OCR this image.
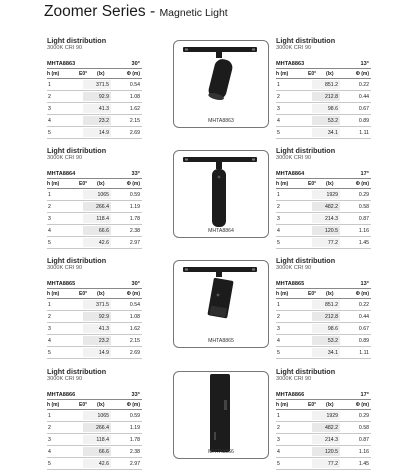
Zoomer Series - Magnetic Light
Light distribution
3000K CRI 90
MHTA8863	30°
h (m)	E0° (lx)	Φ (m)
1	371.5	0.54
2	92.9	1.08
3	41.3	1.62
4	23.2	2.15
5	14.9	2.69
MHTA8863
Light distribution
3000K CRI 90
MHTA8863	13°
h (m)	E0° (lx)	Φ (m)
1	851.2	0.22
2	212.8	0.44
3	98.6	0.67
4	53.2	0.89
5	34.1	1.11
Light distribution
3000K CRI 90
MHTA8864	33°
h (m)	E0° (lx)	Φ (m)
1	1065	0.59
2	266.4	1.19
3	118.4	1.78
4	66.6	2.38
5	42.6	2.97
MHTA8864
Light distribution
3000K CRI 90
MHTA8864	17°
h (m)	E0° (lx)	Φ (m)
1	1929	0.29
2	482.2	0.58
3	214.3	0.87
4	120.5	1.16
5	77.2	1.45
Light distribution
3000K CRI 90
MHTA8865	30°
h (m)	E0° (lx)	Φ (m)
1	371.5	0.54
2	92.9	1.08
3	41.3	1.62
4	23.2	2.15
5	14.9	2.69
MHTA8865
Light distribution
3000K CRI 90
MHTA8865	13°
h (m)	E0° (lx)	Φ (m)
1	851.2	0.22
2	212.8	0.44
3	98.6	0.67
4	53.2	0.89
5	34.1	1.11
Light distribution
3000K CRI 90
MHTA8866	33°
h (m)	E0° (lx)	Φ (m)
1	1065	0.59
2	266.4	1.19
3	118.4	1.78
4	66.6	2.38
5	42.6	2.97
MHTA8866
Light distribution
3000K CRI 90
MHTA8866	17°
h (m)	E0° (lx)	Φ (m)
1	1929	0.29
2	482.2	0.58
3	214.3	0.87
4	120.5	1.16
5	77.2	1.45
